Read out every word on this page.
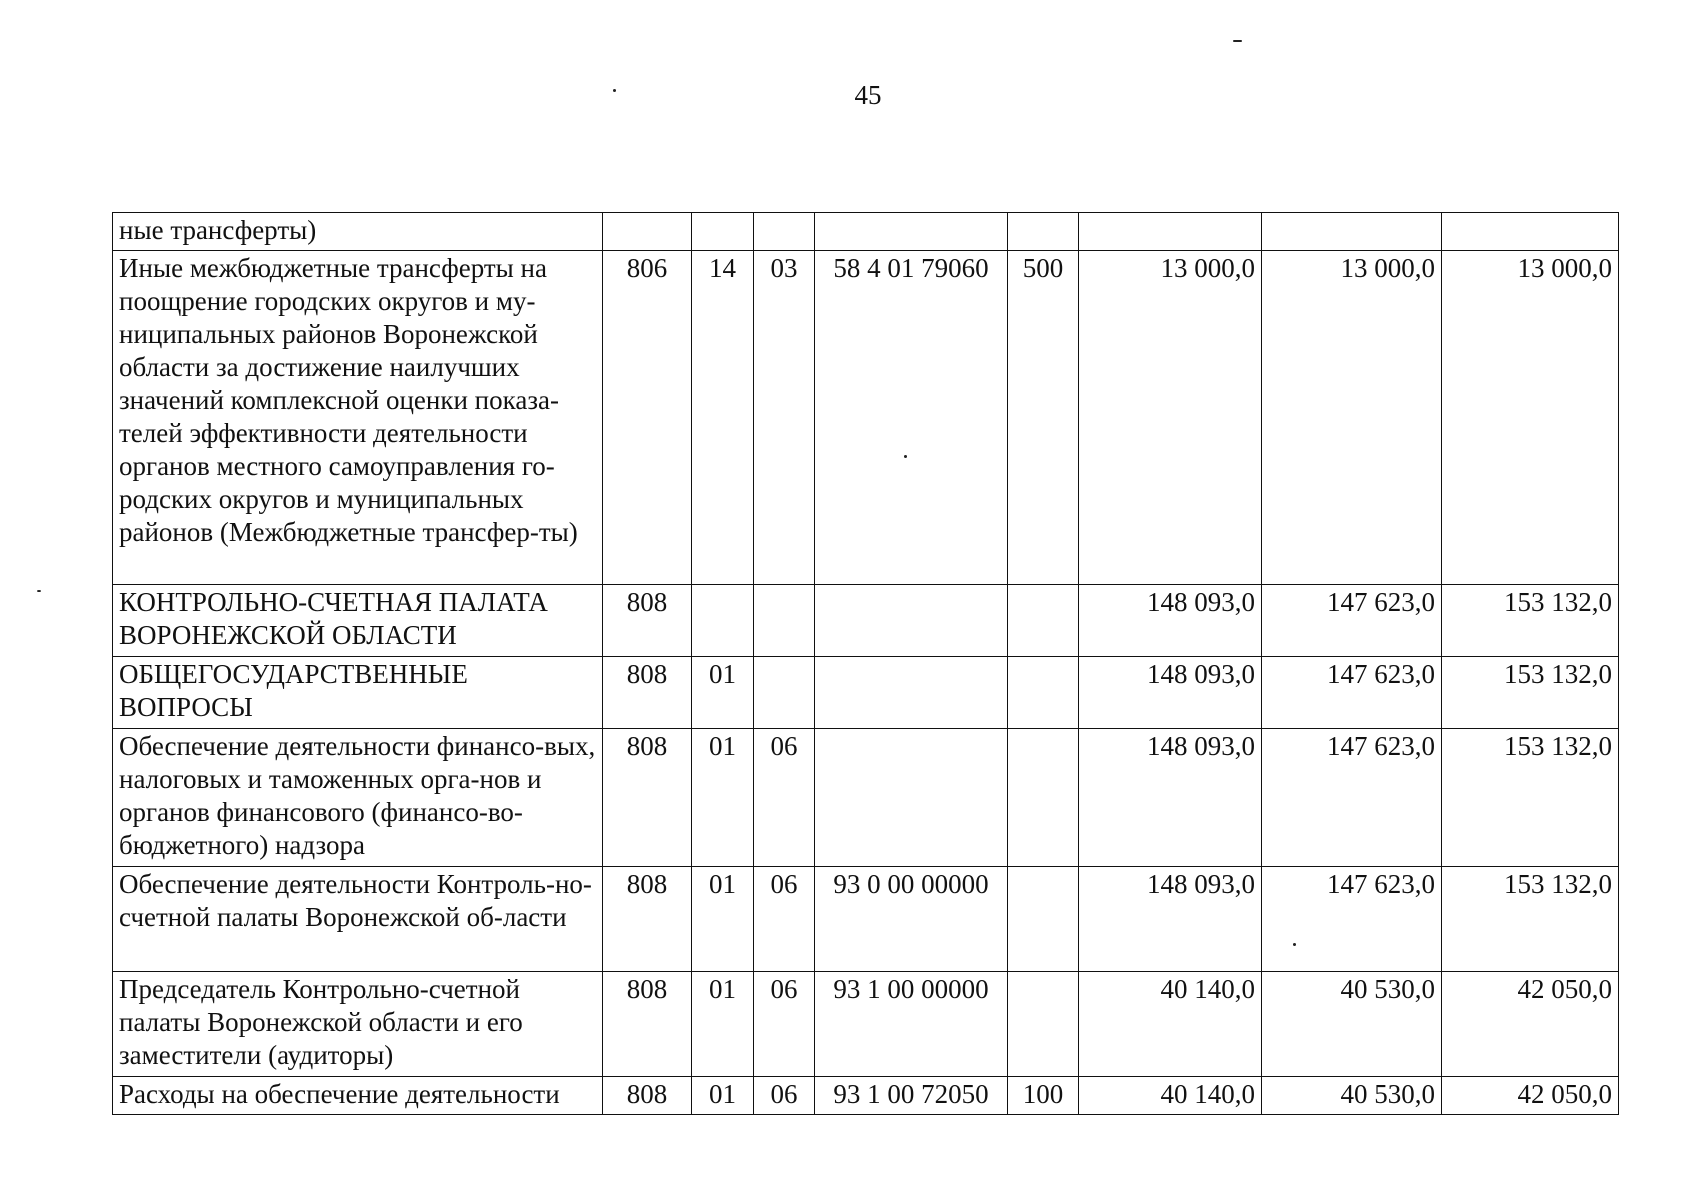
45
ные трансферты)								
Иные межбюджетные трансферты на поощрение городских округов и му-ниципальных районов Воронежской области за достижение наилучших значений комплексной оценки показа-телей эффективности деятельности органов местного самоуправления го-родских округов и муниципальных районов (Межбюджетные трансфер-ты)	806	14	03	58 4 01 79060	500	13 000,0	13 000,0	13 000,0
КОНТРОЛЬНО-СЧЕТНАЯ ПАЛАТА ВОРОНЕЖСКОЙ ОБЛАСТИ	808					148 093,0	147 623,0	153 132,0
ОБЩЕГОСУДАРСТВЕННЫЕ ВОПРОСЫ	808	01				148 093,0	147 623,0	153 132,0
Обеспечение деятельности финансо-вых, налоговых и таможенных орга-нов и органов финансового (финансо-во-бюджетного) надзора	808	01	06			148 093,0	147 623,0	153 132,0
Обеспечение деятельности Контроль-но-счетной палаты Воронежской об-ласти	808	01	06	93 0 00 00000		148 093,0	147 623,0	153 132,0
Председатель Контрольно-счетной палаты Воронежской области и его заместители (аудиторы)	808	01	06	93 1 00 00000		40 140,0	40 530,0	42 050,0
Расходы на обеспечение деятельности	808	01	06	93 1 00 72050	100	40 140,0	40 530,0	42 050,0
